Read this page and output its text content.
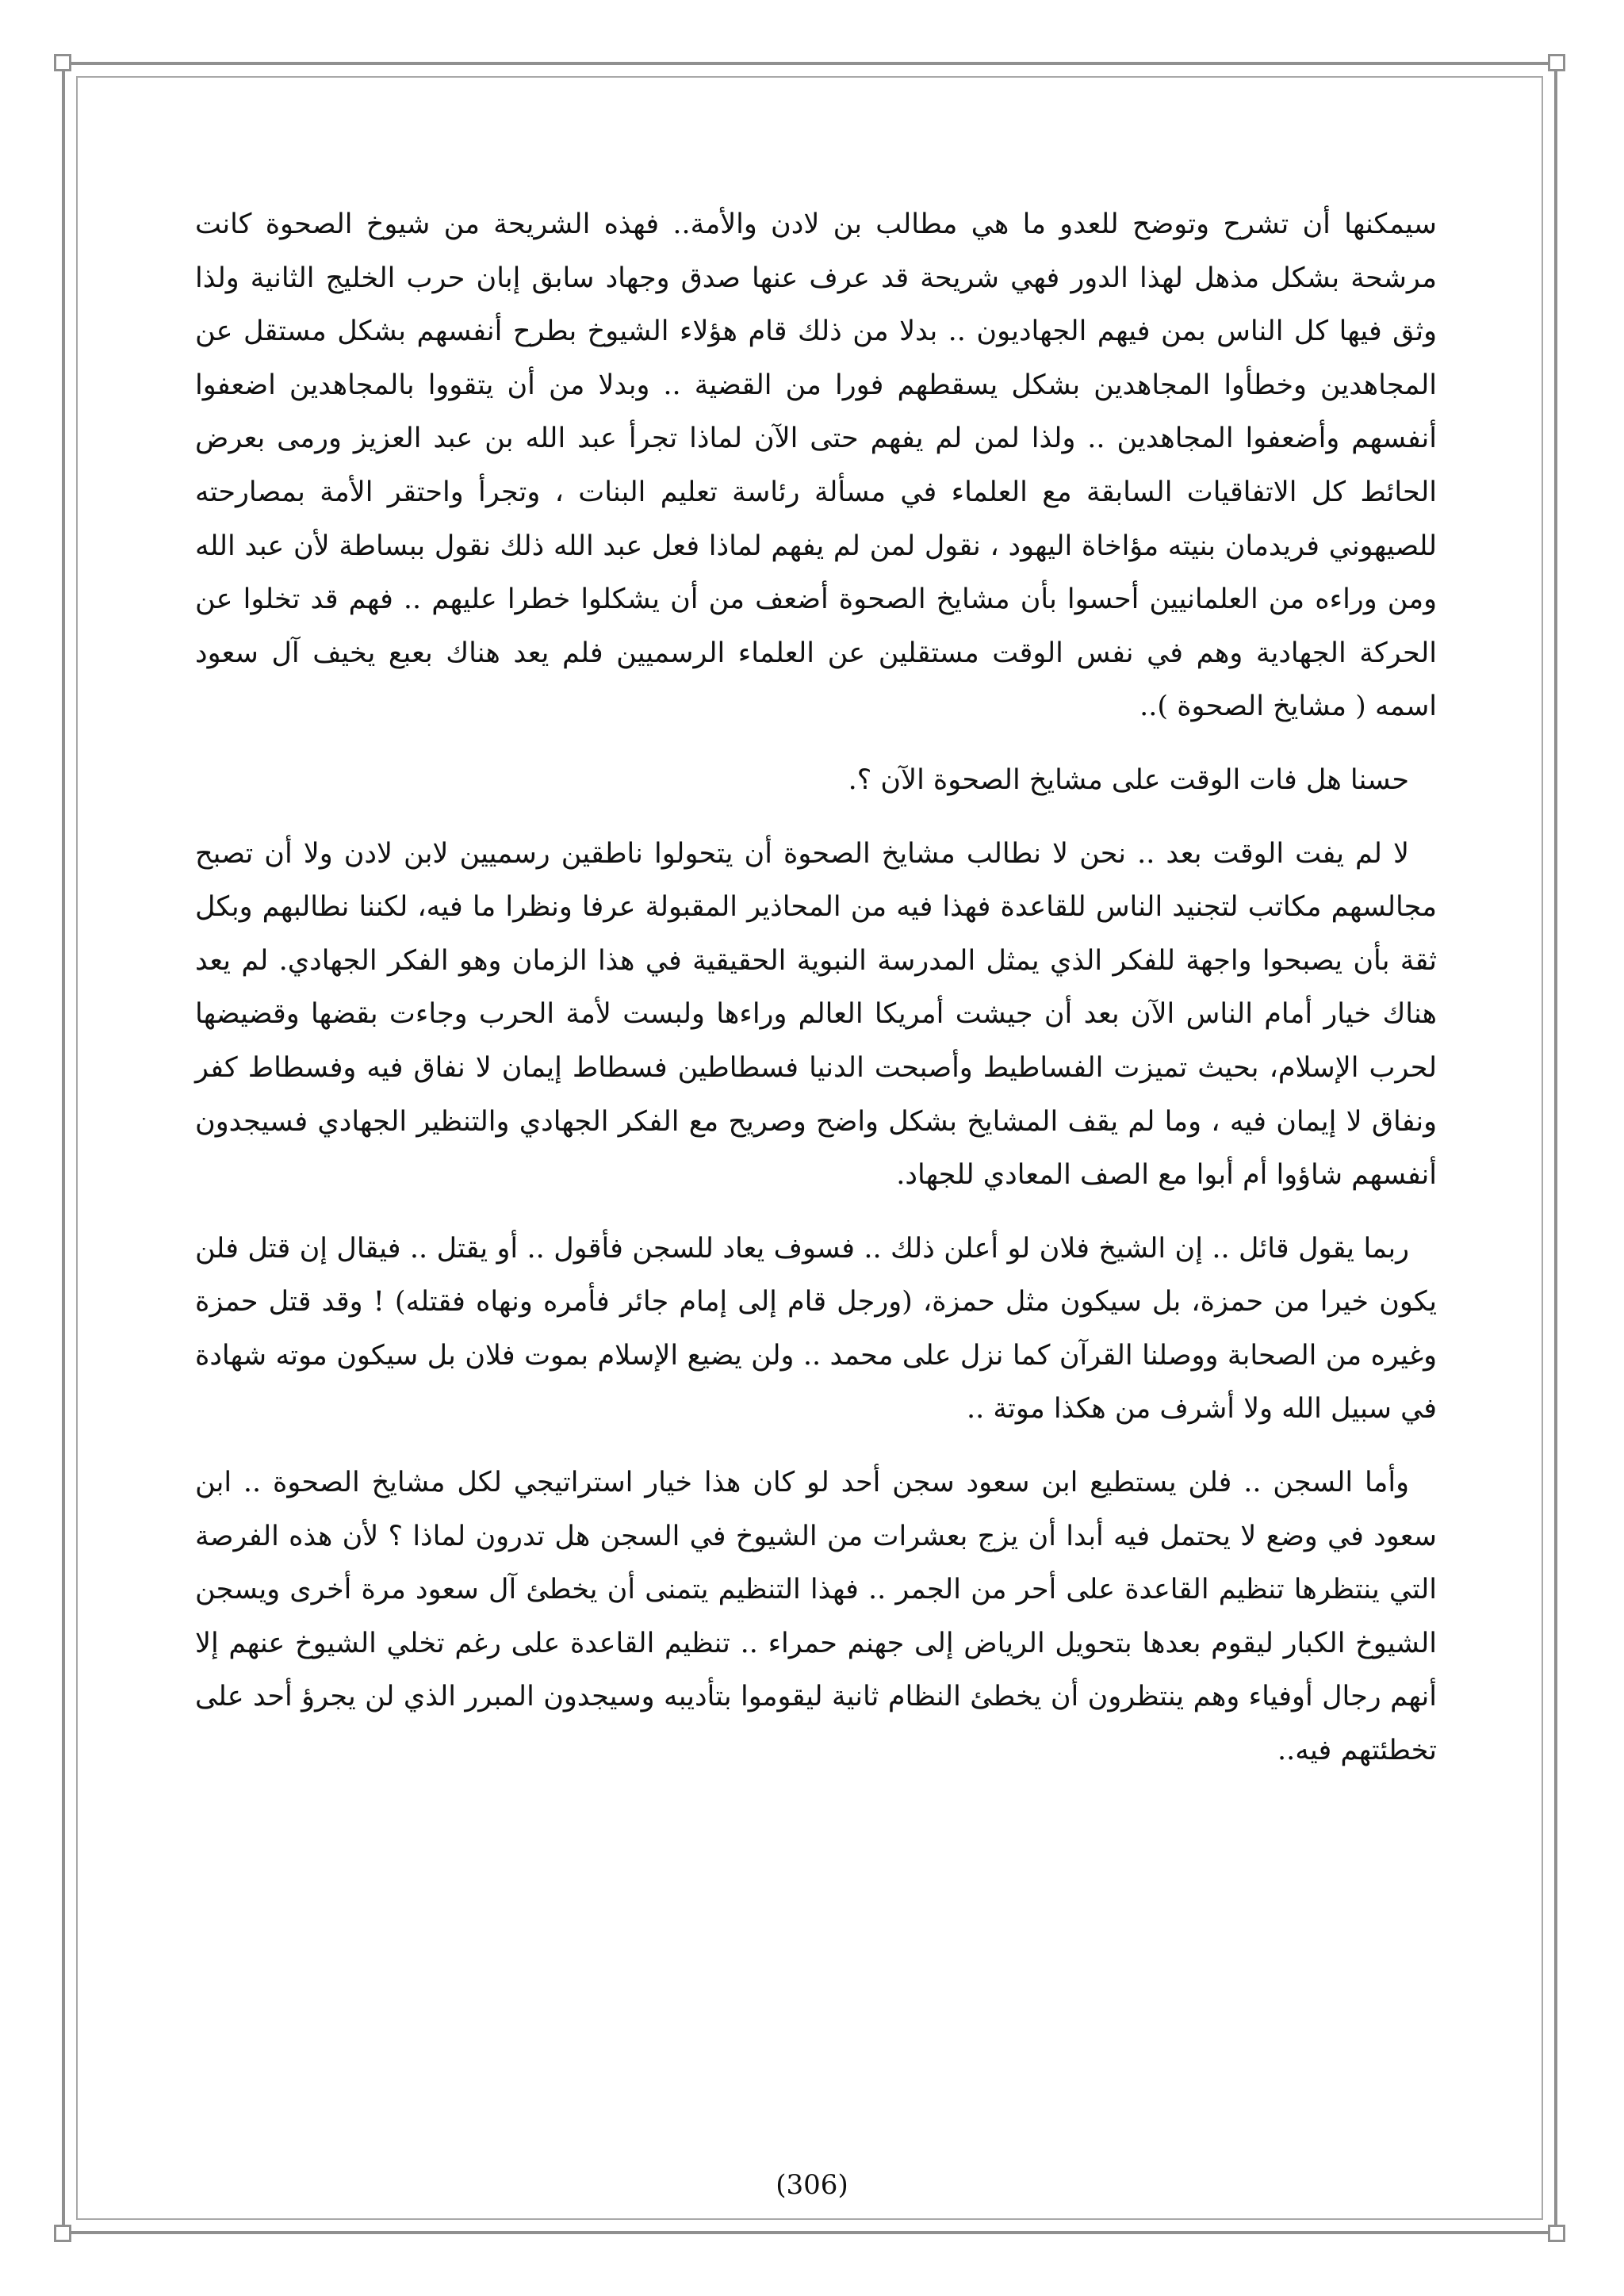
سيمكنها أن تشرح وتوضح للعدو ما هي مطالب بن لادن والأمة.. فهذه الشريحة من شيوخ الصحوة كانت مرشحة بشكل مذهل لهذا الدور فهي شريحة قد عرف عنها صدق وجهاد سابق إبان حرب الخليج الثانية ولذا وثق فيها كل الناس بمن فيهم الجهاديون .. بدلا من ذلك قام هؤلاء الشيوخ بطرح أنفسهم بشكل مستقل عن المجاهدين وخطأوا المجاهدين بشكل يسقطهم فورا من القضية .. وبدلا من أن يتقووا بالمجاهدين اضعفوا أنفسهم وأضعفوا المجاهدين .. ولذا لمن لم يفهم حتى الآن لماذا تجرأ عبد الله بن عبد العزيز ورمى بعرض الحائط كل الاتفاقيات السابقة مع العلماء في مسألة رئاسة تعليم البنات ، وتجرأ واحتقر الأمة بمصارحته للصيهوني فريدمان بنيته مؤاخاة اليهود ، نقول لمن لم يفهم لماذا فعل عبد الله ذلك نقول ببساطة لأن عبد الله ومن وراءه من العلمانيين أحسوا بأن مشايخ الصحوة أضعف من أن يشكلوا خطرا عليهم .. فهم قد تخلوا عن الحركة الجهادية وهم في نفس الوقت مستقلين عن العلماء الرسميين فلم يعد هناك بعبع يخيف آل سعود اسمه ( مشايخ الصحوة )..

حسنا هل فات الوقت على مشايخ الصحوة الآن ؟.

لا لم يفت الوقت بعد .. نحن لا نطالب مشايخ الصحوة أن يتحولوا ناطقين رسميين لابن لادن ولا أن تصبح مجالسهم مكاتب لتجنيد الناس للقاعدة فهذا فيه من المحاذير المقبولة عرفا ونظرا ما فيه، لكننا نطالبهم وبكل ثقة بأن يصبحوا واجهة للفكر الذي يمثل المدرسة النبوية الحقيقية في هذا الزمان وهو الفكر الجهادي. لم يعد هناك خيار أمام الناس الآن بعد أن جيشت أمريكا العالم وراءها ولبست لأمة الحرب وجاءت بقضها وقضيضها لحرب الإسلام، بحيث تميزت الفساطيط وأصبحت الدنيا فسطاطين فسطاط إيمان لا نفاق فيه وفسطاط كفر ونفاق لا إيمان فيه ، وما لم يقف المشايخ بشكل واضح وصريح مع الفكر الجهادي والتنظير الجهادي فسيجدون أنفسهم شاؤوا أم أبوا مع الصف المعادي للجهاد.

ربما يقول قائل .. إن الشيخ فلان لو أعلن ذلك .. فسوف يعاد للسجن فأقول .. أو يقتل .. فيقال إن قتل فلن يكون خيرا من حمزة، بل سيكون مثل حمزة، (ورجل قام إلى إمام جائر فأمره ونهاه فقتله) ! وقد قتل حمزة وغيره من الصحابة ووصلنا القرآن كما نزل على محمد .. ولن يضيع الإسلام بموت فلان بل سيكون موته شهادة في سبيل الله ولا أشرف من هكذا موتة ..

وأما السجن .. فلن يستطيع ابن سعود سجن أحد لو كان هذا خيار استراتيجي لكل مشايخ الصحوة .. ابن سعود في وضع لا يحتمل فيه أبدا أن يزج بعشرات من الشيوخ في السجن هل تدرون لماذا ؟ لأن هذه الفرصة التي ينتظرها تنظيم القاعدة على أحر من الجمر .. فهذا التنظيم يتمنى أن يخطئ آل سعود مرة أخرى ويسجن الشيوخ الكبار ليقوم بعدها بتحويل الرياض إلى جهنم حمراء .. تنظيم القاعدة على رغم تخلي الشيوخ عنهم إلا أنهم رجال أوفياء وهم ينتظرون أن يخطئ النظام ثانية ليقوموا بتأديبه وسيجدون المبرر الذي لن يجرؤ أحد على تخطئتهم فيه..

(306)
